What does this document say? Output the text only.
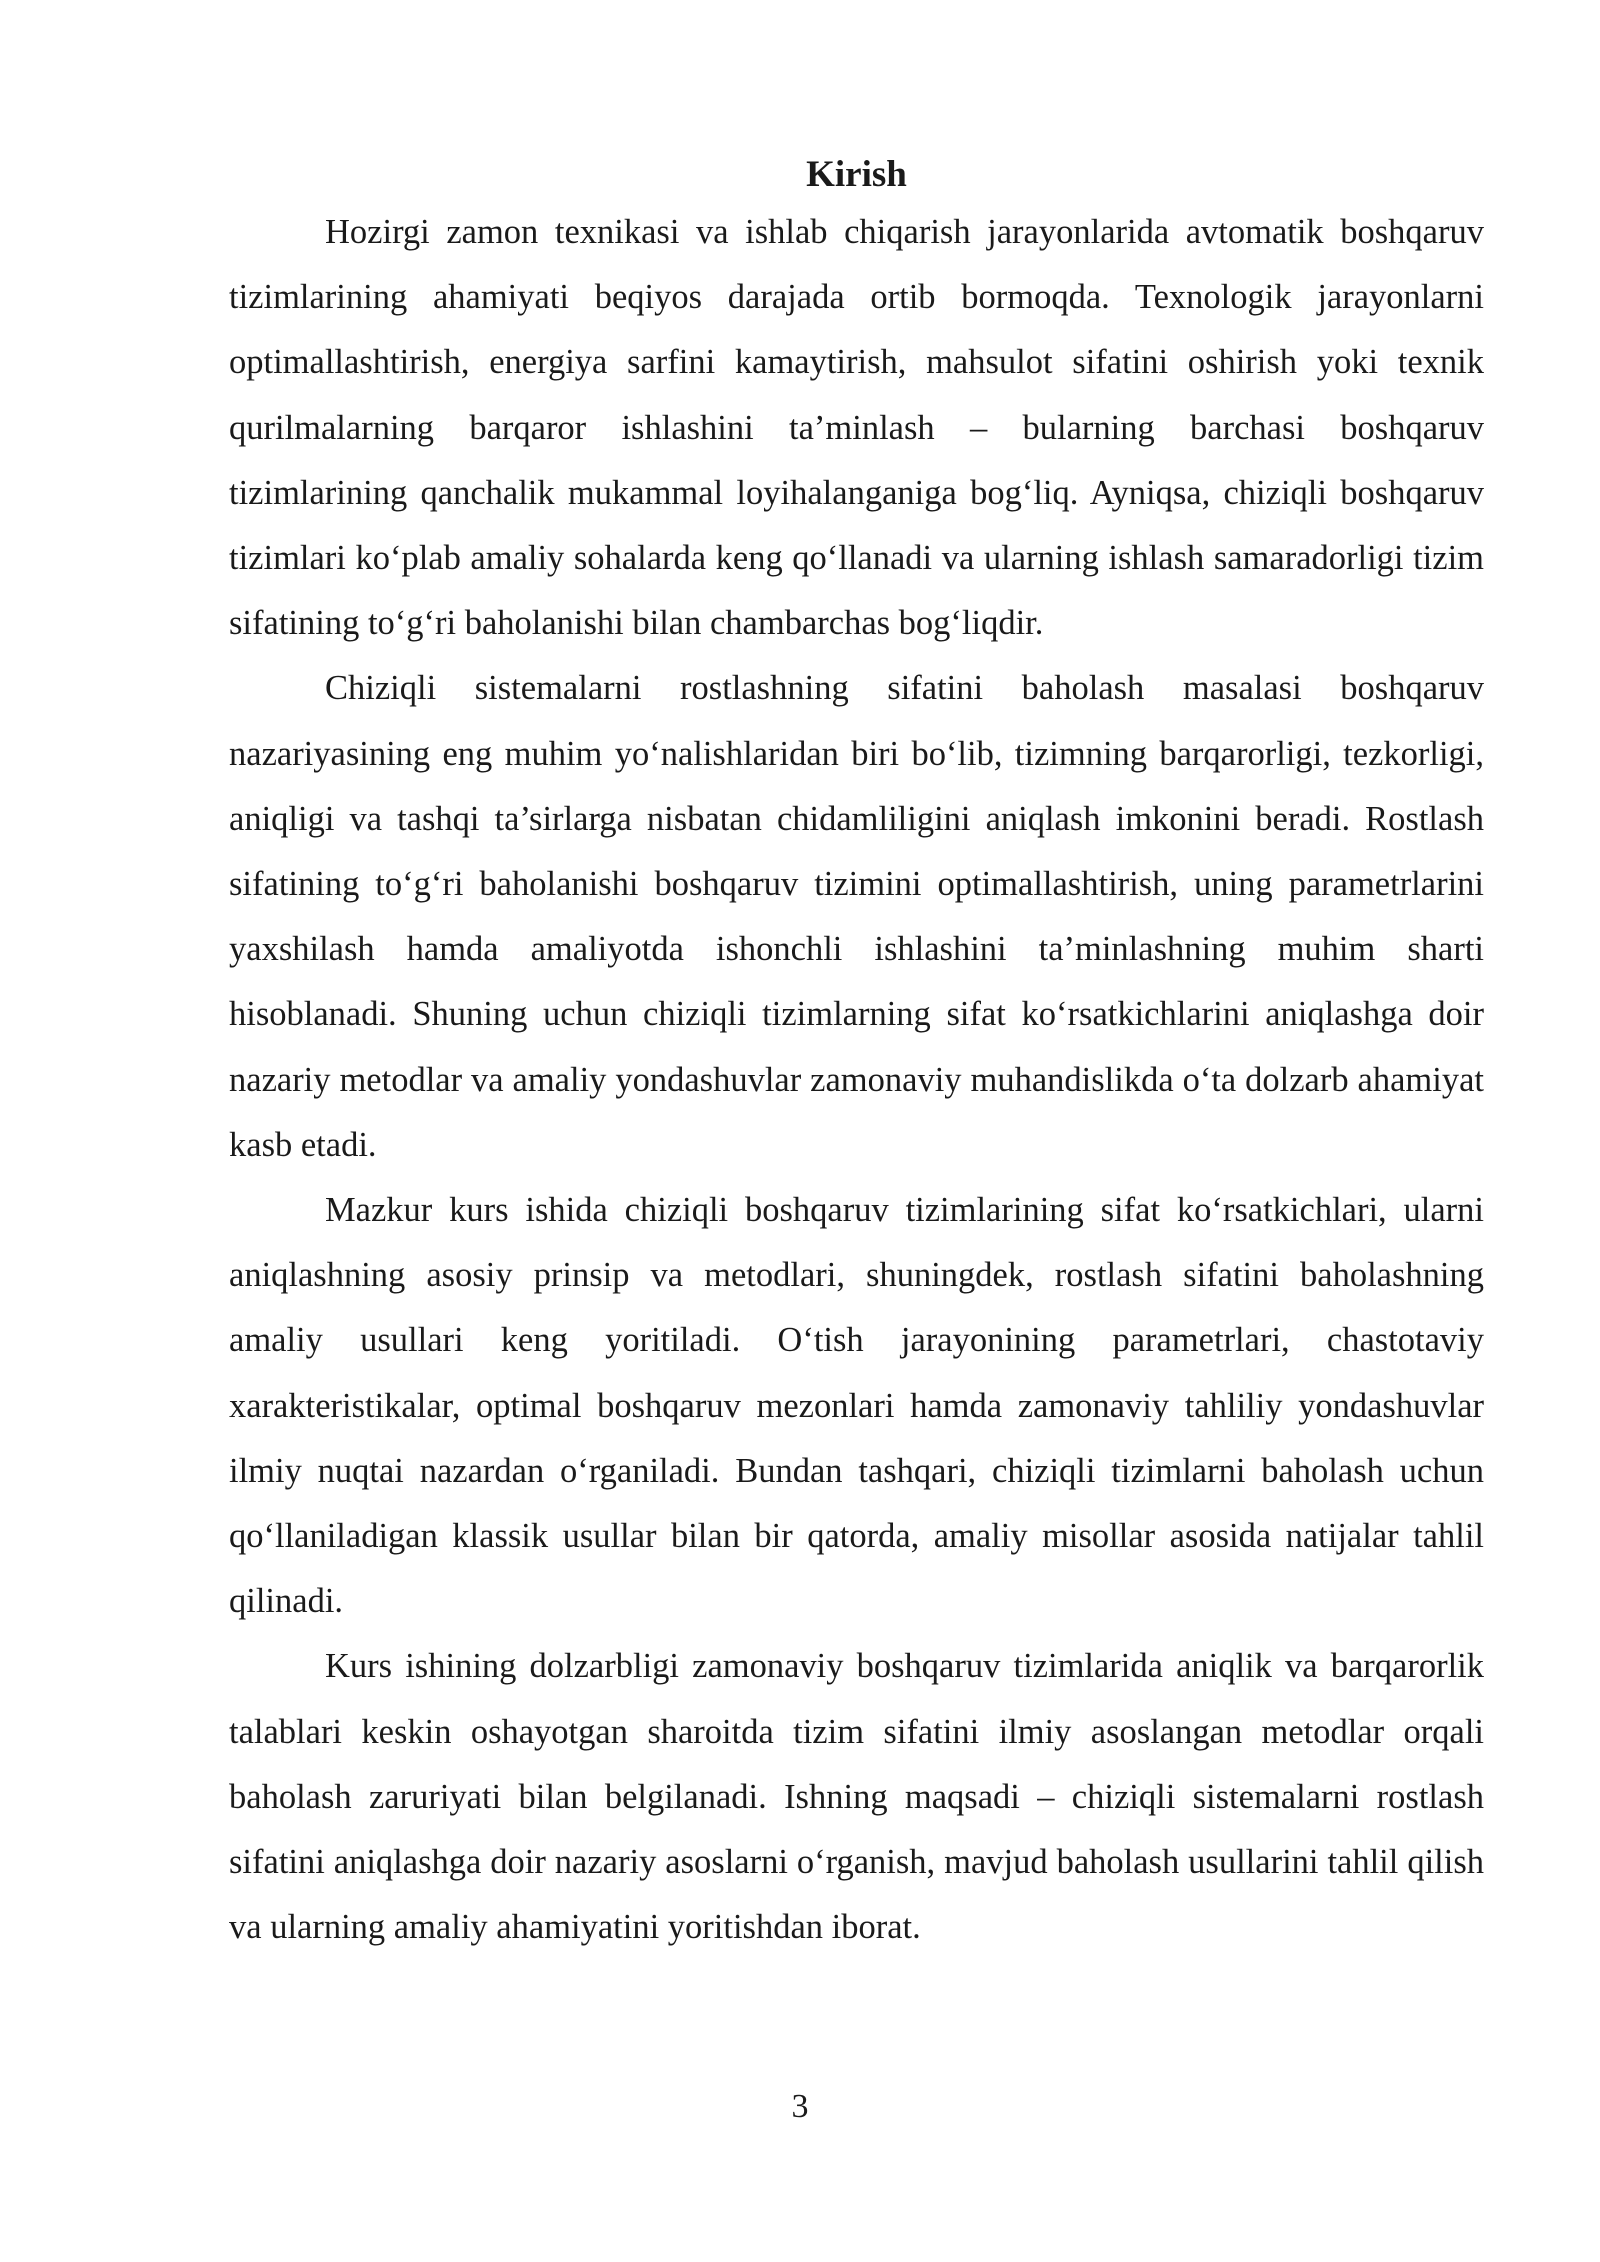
Kirish

Hozirgi zamon texnikasi va ishlab chiqarish jarayonlarida avtomatik boshqaruv tizimlarining ahamiyati beqiyos darajada ortib bormoqda. Texnologik jarayonlarni optimallashtirish, energiya sarfini kamaytirish, mahsulot sifatini oshirish yoki texnik qurilmalarning barqaror ishlashini ta’minlash – bularning barchasi boshqaruv tizimlarining qanchalik mukammal loyihalanganiga bog‘liq. Ayniqsa, chiziqli boshqaruv tizimlari ko‘plab amaliy sohalarda keng qo‘llanadi va ularning ishlash samaradorligi tizim sifatining to‘g‘ri baholanishi bilan chambarchas bog‘liqdir.

Chiziqli sistemalarni rostlashning sifatini baholash masalasi boshqaruv nazariyasining eng muhim yo‘nalishlaridan biri bo‘lib, tizimning barqarorligi, tezkorligi, aniqligi va tashqi ta’sirlarga nisbatan chidamliligini aniqlash imkonini beradi. Rostlash sifatining to‘g‘ri baholanishi boshqaruv tizimini optimallashtirish, uning parametrlarini yaxshilash hamda amaliyotda ishonchli ishlashini ta’minlashning muhim sharti hisoblanadi. Shuning uchun chiziqli tizimlarning sifat ko‘rsatkichlarini aniqlashga doir nazariy metodlar va amaliy yondashuvlar zamonaviy muhandislikda o‘ta dolzarb ahamiyat kasb etadi.

Mazkur kurs ishida chiziqli boshqaruv tizimlarining sifat ko‘rsatkichlari, ularni aniqlashning asosiy prinsip va metodlari, shuningdek, rostlash sifatini baholashning amaliy usullari keng yoritiladi. O‘tish jarayonining parametrlari, chastotaviy xarakteristikalar, optimal boshqaruv mezonlari hamda zamonaviy tahliliy yondashuvlar ilmiy nuqtai nazardan o‘rganiladi. Bundan tashqari, chiziqli tizimlarni baholash uchun qo‘llaniladigan klassik usullar bilan bir qatorda, amaliy misollar asosida natijalar tahlil qilinadi.

Kurs ishining dolzarbligi zamonaviy boshqaruv tizimlarida aniqlik va barqarorlik talablari keskin oshayotgan sharoitda tizim sifatini ilmiy asoslangan metodlar orqali baholash zaruriyati bilan belgilanadi. Ishning maqsadi – chiziqli sistemalarni rostlash sifatini aniqlashga doir nazariy asoslarni o‘rganish, mavjud baholash usullarini tahlil qilish va ularning amaliy ahamiyatini yoritishdan iborat.

3
